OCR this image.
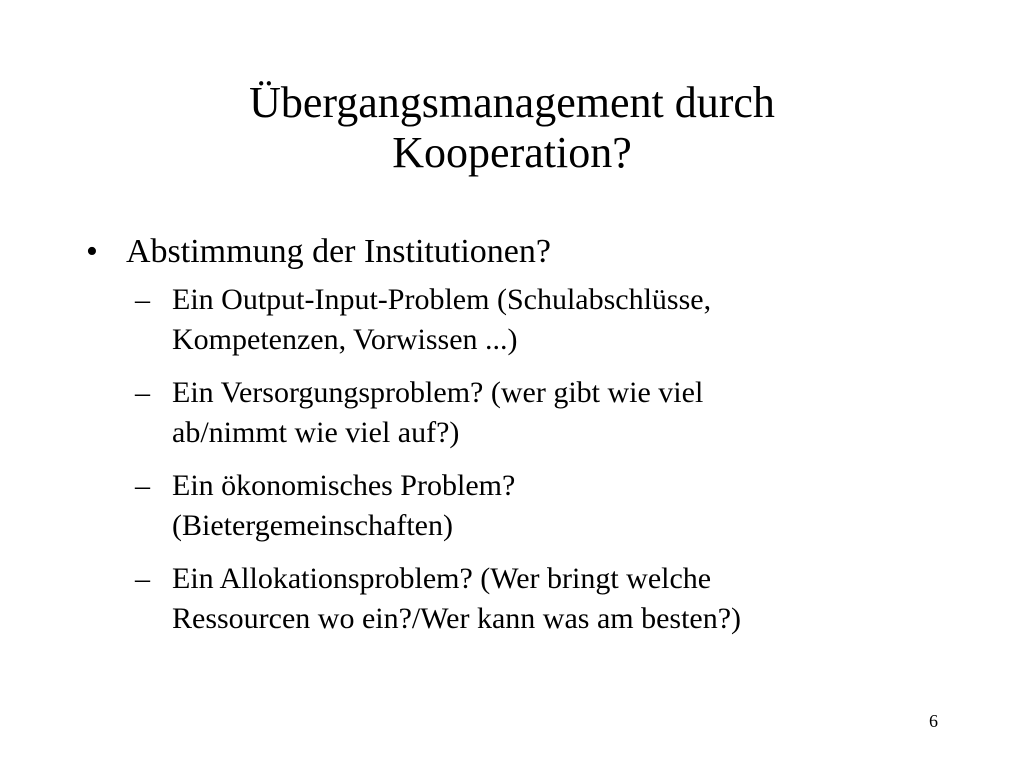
Übergangsmanagement durch
Kooperation?
• Abstimmung der Institutionen?
– Ein Output-Input-Problem (Schulabschlüsse,
Kompetenzen, Vorwissen ...)
– Ein Versorgungsproblem? (wer gibt wie viel
ab/nimmt wie viel auf?)
– Ein ökonomisches Problem?
(Bietergemeinschaften)
– Ein Allokationsproblem? (Wer bringt welche
Ressourcen wo ein?/Wer kann was am besten?)
6
